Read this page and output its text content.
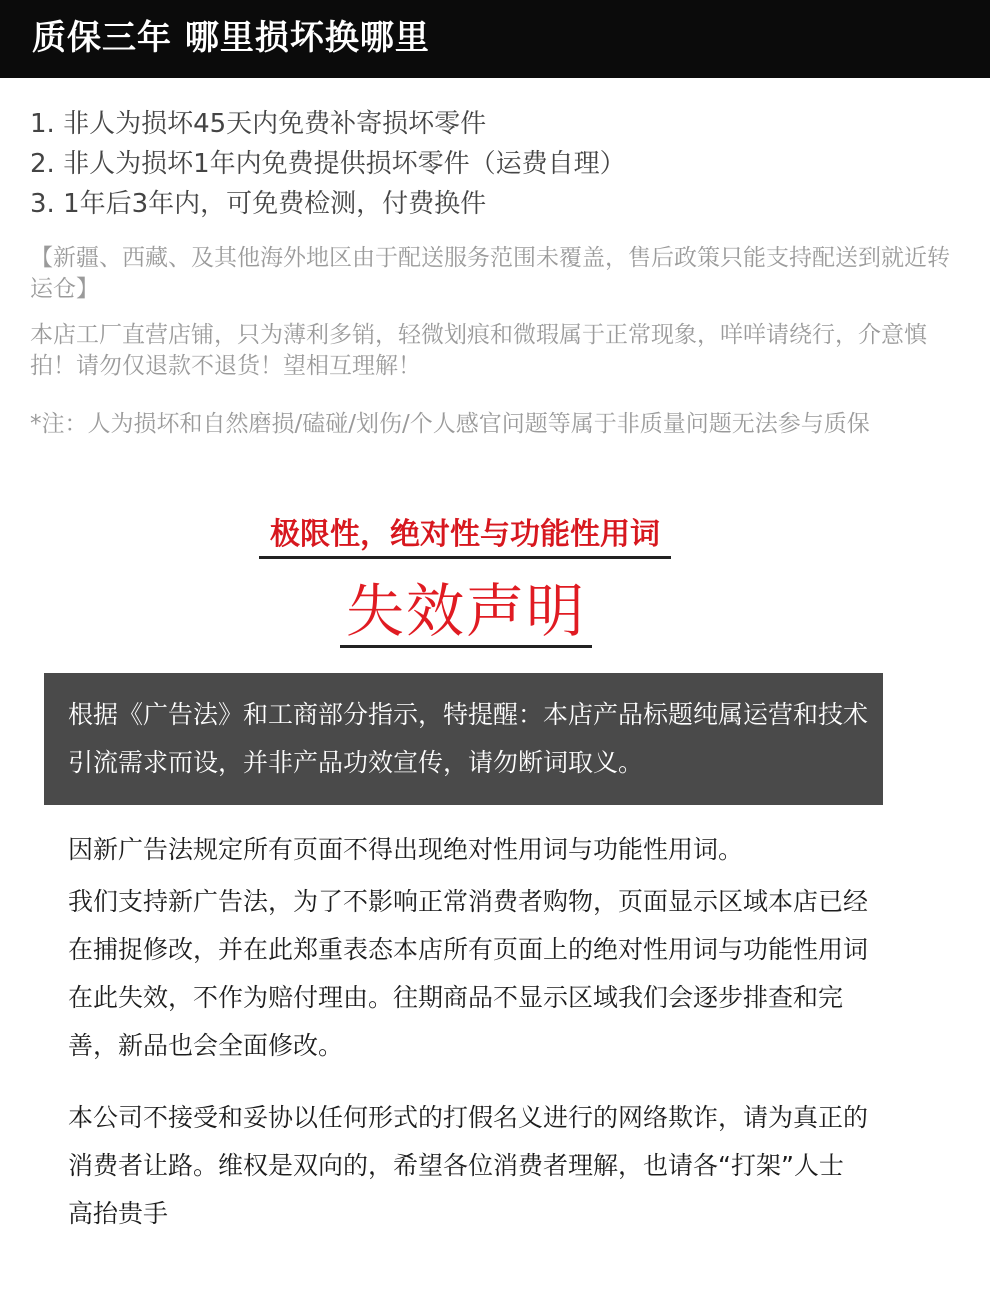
质保三年 哪里损坏换哪里
1. 非人为损坏45天内免费补寄损坏零件
2. 非人为损坏1年内免费提供损坏零件（运费自理）
3. 1年后3年内，可免费检测，付费换件
【新疆、西藏、及其他海外地区由于配送服务范围未覆盖，售后政策只能支持配送到就近转运仓】
本店工厂直营店铺，只为薄利多销，轻微划痕和微瑕属于正常现象，咩咩请绕行，介意慎拍！请勿仅退款不退货！望相互理解！
*注：人为损坏和自然磨损/磕碰/划伤/个人感官问题等属于非质量问题无法参与质保
极限性，绝对性与功能性用词
失效声明
根据《广告法》和工商部分指示，特提醒：本店产品标题纯属运营和技术引流需求而设，并非产品功效宣传，请勿断词取义。
因新广告法规定所有页面不得出现绝对性用词与功能性用词。
我们支持新广告法，为了不影响正常消费者购物，页面显示区域本店已经在捕捉修改，并在此郑重表态本店所有页面上的绝对性用词与功能性用词在此失效，不作为赔付理由。往期商品不显示区域我们会逐步排查和完善，新品也会全面修改。
本公司不接受和妥协以任何形式的打假名义进行的网络欺诈，请为真正的消费者让路。维权是双向的，希望各位消费者理解，也请各“打架”人士高抬贵手
